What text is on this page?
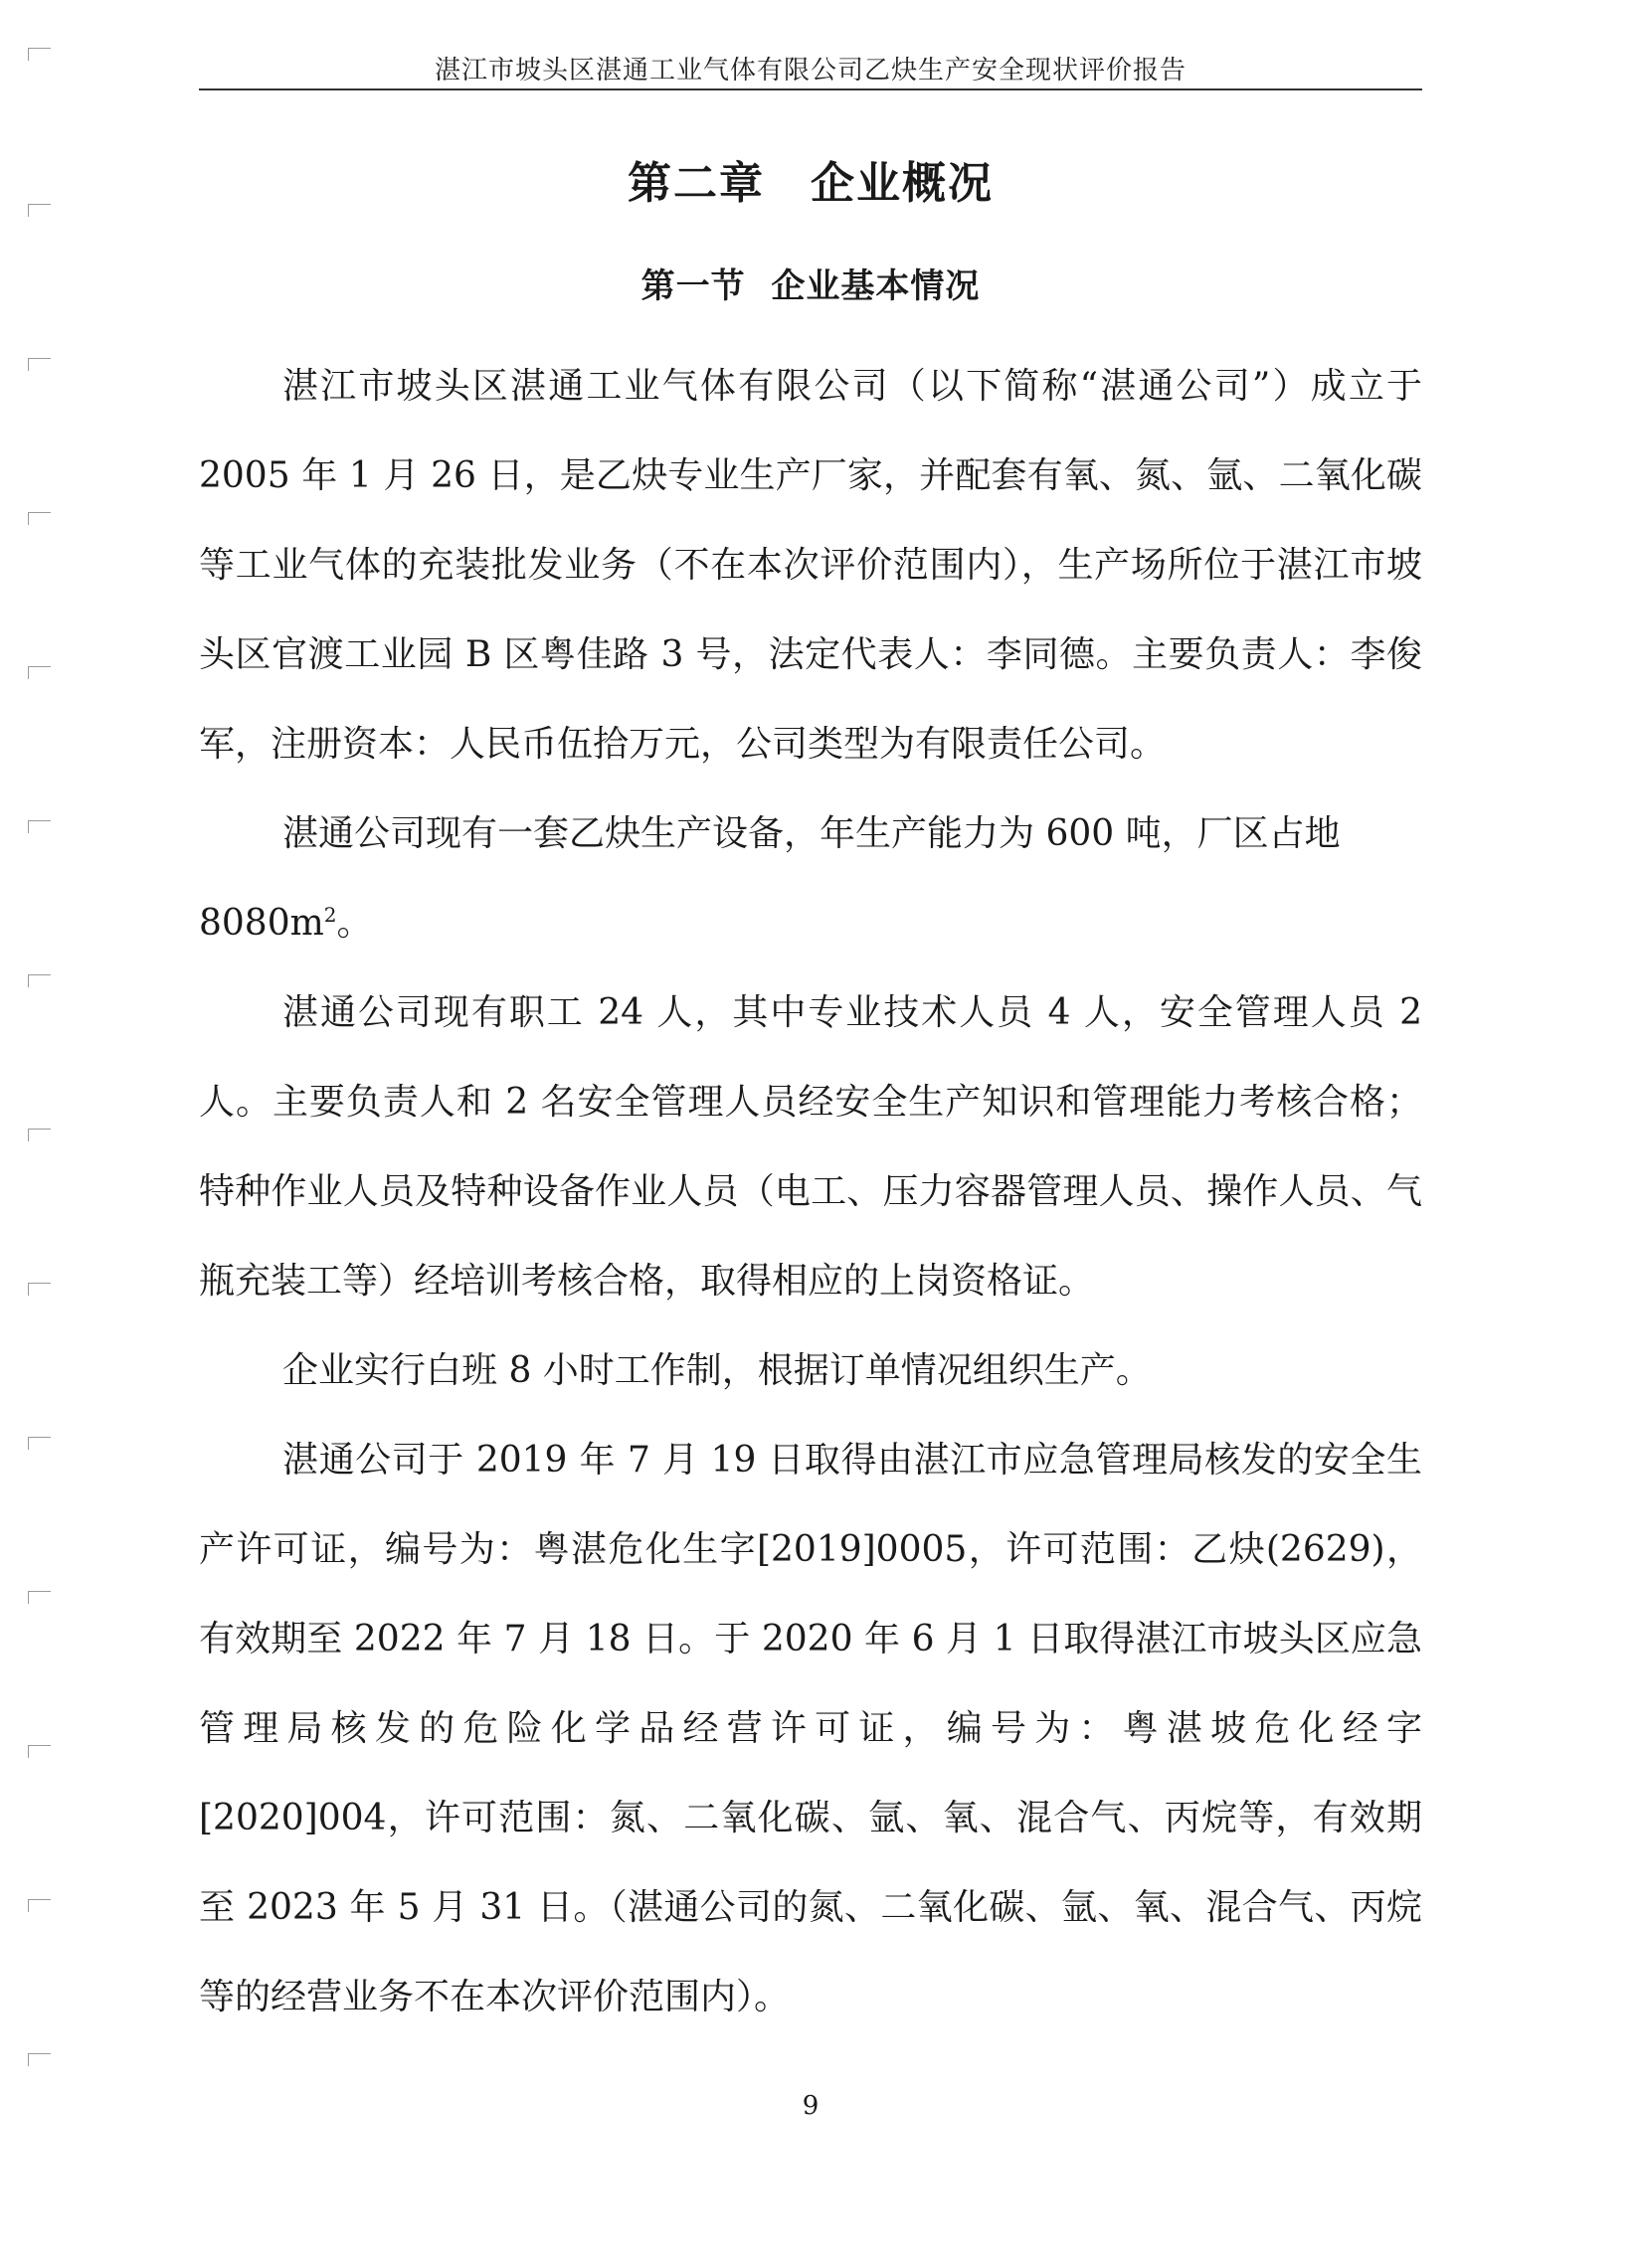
湛江市坡头区湛通工业气体有限公司乙炔生产安全现状评价报告
第二章　企业概况
第一节  企业基本情况

湛江市坡头区湛通工业气体有限公司（以下简称“湛通公司”）成立于 2005 年 1 月 26 日，是乙炔专业生产厂家，并配套有氧、氮、氩、二氧化碳等工业气体的充装批发业务（不在本次评价范围内），生产场所位于湛江市坡头区官渡工业园 B 区粤佳路 3 号，法定代表人：李同德。主要负责人：李俊军，注册资本：人民币伍拾万元，公司类型为有限责任公司。

湛通公司现有一套乙炔生产设备，年生产能力为 600 吨，厂区占地
$8080m^2$。

湛通公司现有职工 24 人，其中专业技术人员 4 人，安全管理人员 2 人。主要负责人和 2 名安全管理人员经安全生产知识和管理能力考核合格；特种作业人员及特种设备作业人员（电工、压力容器管理人员、操作人员、气瓶充装工等）经培训考核合格，取得相应的上岗资格证。

企业实行白班 8 小时工作制，根据订单情况组织生产。

湛通公司于 2019 年 7 月 19 日取得由湛江市应急管理局核发的安全生产许可证，编号为：粤湛危化生字[2019]0005，许可范围：乙炔(2629)，有效期至 2022 年 7 月 18 日。于 2020 年 6 月 1 日取得湛江市坡头区应急管理局核发的危险化学品经营许可证，编号为：粤湛坡危化经字[2020]004，许可范围：氮、二氧化碳、氩、氧、混合气、丙烷等，有效期至 2023 年 5 月 31 日。（湛通公司的氮、二氧化碳、氩、氧、混合气、丙烷等的经营业务不在本次评价范围内）。

9
